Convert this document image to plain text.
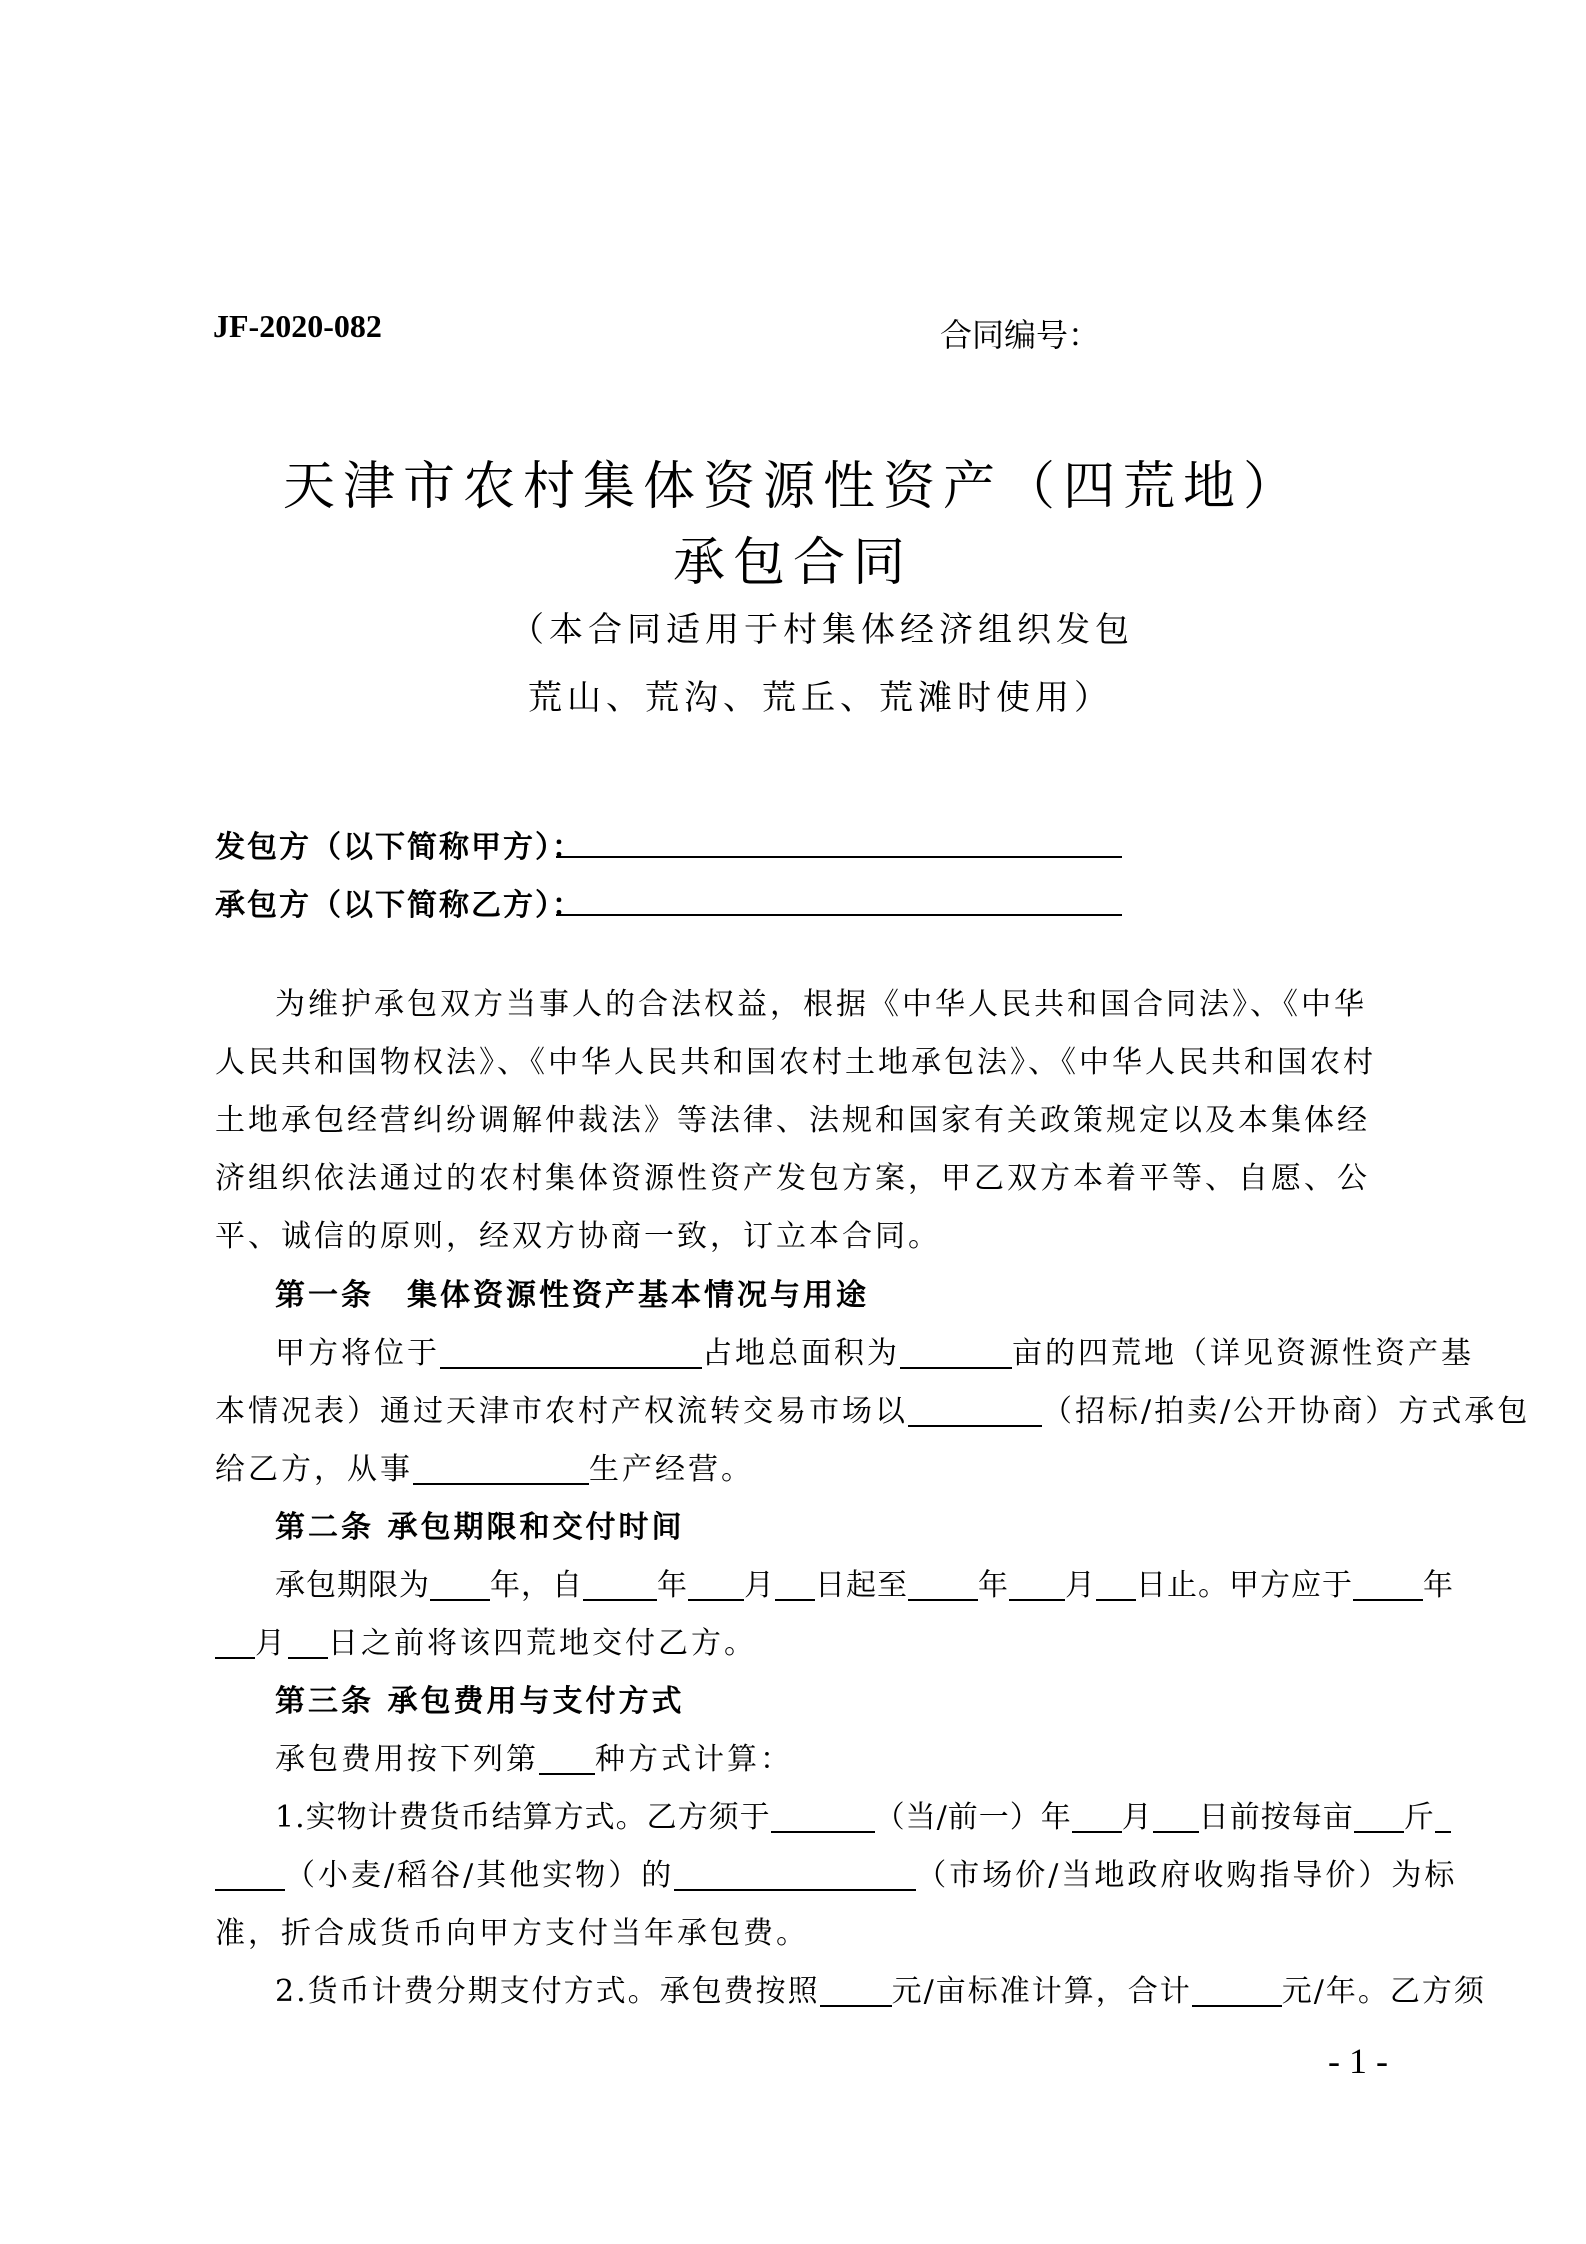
JF-2020-082	合同编号：
天津市农村集体资源性资产（四荒地）
承包合同
（本合同适用于村集体经济组织发包
荒山、荒沟、荒丘、荒滩时使用）
发包方（以下简称甲方）：
承包方（以下简称乙方）：
为维护承包双方当事人的合法权益，根据《中华人民共和国合同法》、《中华人民共和国物权法》、《中华人民共和国农村土地承包法》、《中华人民共和国农村土地承包经营纠纷调解仲裁法》等法律、法规和国家有关政策规定以及本集体经济组织依法通过的农村集体资源性资产发包方案，甲乙双方本着平等、自愿、公平、诚信的原则，经双方协商一致，订立本合同。
第一条　集体资源性资产基本情况与用途
甲方将位于	占地总面积为	亩的四荒地（详见资源性资产基
本情况表）通过天津市农村产权流转交易市场以	（招标/拍卖/公开协商）方式承包
给乙方，从事	生产经营。
第二条 承包期限和交付时间
承包期限为 年，自 年 月 日起至 年 月 日止。甲方应于 年
月 日之前将该四荒地交付乙方。
第三条 承包费用与支付方式
承包费用按下列第 种方式计算：
1.实物计费货币结算方式。乙方须于	（当/前一）年 月 日前按每亩 斤
（小麦/稻谷/其他实物）的	（市场价/当地政府收购指导价）为标
准，折合成货币向甲方支付当年承包费。
2.货币计费分期支付方式。承包费按照 元/亩标准计算，合计	元/年。乙方须
- 1 -
